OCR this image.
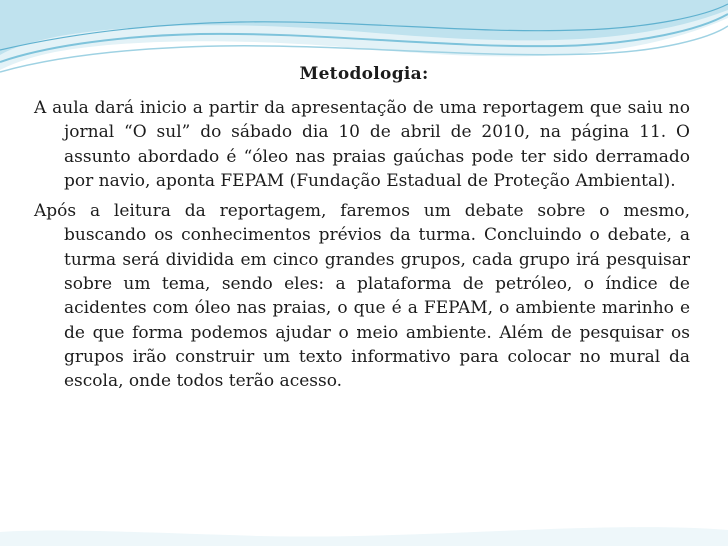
Metodologia:

A aula dará inicio a partir da apresentação de uma reportagem que saiu no jornal “O sul” do sábado dia 10 de abril de 2010, na página 11. O assunto abordado é “óleo nas praias gaúchas pode ter sido derramado por navio, aponta FEPAM (Fundação Estadual de Proteção Ambiental).

Após a leitura da reportagem, faremos um debate sobre o mesmo, buscando os conhecimentos prévios da turma. Concluindo o debate, a turma será dividida em cinco grandes grupos, cada grupo irá pesquisar sobre um tema, sendo eles: a plataforma de petróleo, o índice de acidentes com óleo nas praias, o que é a FEPAM, o ambiente marinho e de que forma podemos ajudar o meio ambiente. Além de pesquisar os grupos irão construir um texto informativo para colocar no mural da escola, onde todos terão acesso.
